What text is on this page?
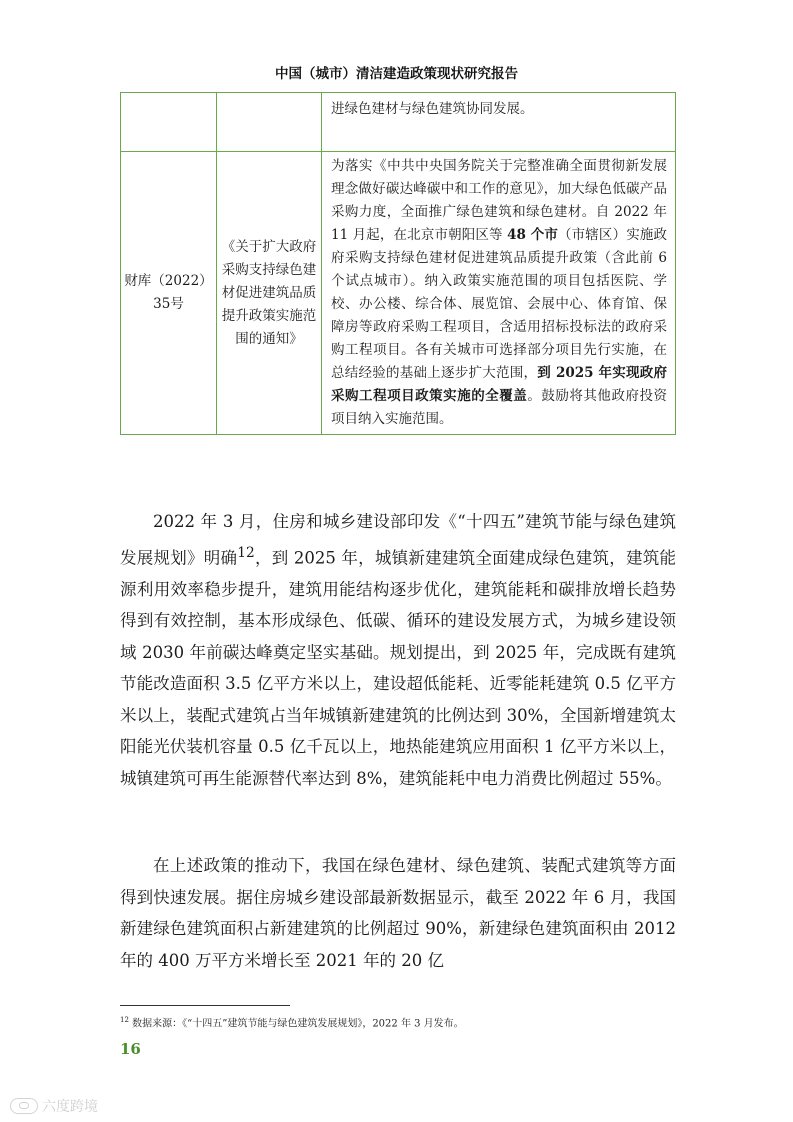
中国（城市）清洁建造政策现状研究报告
		进绿色建材与绿色建筑协同发展。
财库（2022）35号	《关于扩大政府采购支持绿色建材促进建筑品质提升政策实施范围的通知》	为落实《中共中央国务院关于完整准确全面贯彻新发展理念做好碳达峰碳中和工作的意见》，加大绿色低碳产品采购力度，全面推广绿色建筑和绿色建材。自 2022 年 11 月起，在北京市朝阳区等 48 个市（市辖区）实施政府采购支持绿色建材促进建筑品质提升政策（含此前 6 个试点城市）。纳入政策实施范围的项目包括医院、学校、办公楼、综合体、展览馆、会展中心、体育馆、保障房等政府采购工程项目，含适用招标投标法的政府采购工程项目。各有关城市可选择部分项目先行实施，在总结经验的基础上逐步扩大范围，到 2025 年实现政府采购工程项目政策实施的全覆盖。鼓励将其他政府投资项目纳入实施范围。

2022 年 3 月，住房和城乡建设部印发《“十四五”建筑节能与绿色建筑发展规划》明确$^{12}$，到 2025 年，城镇新建建筑全面建成绿色建筑，建筑能源利用效率稳步提升，建筑用能结构逐步优化，建筑能耗和碳排放增长趋势得到有效控制，基本形成绿色、低碳、循环的建设发展方式，为城乡建设领域 2030 年前碳达峰奠定坚实基础。规划提出，到 2025 年，完成既有建筑节能改造面积 3.5 亿平方米以上，建设超低能耗、近零能耗建筑 0.5 亿平方米以上，装配式建筑占当年城镇新建建筑的比例达到 30%，全国新增建筑太阳能光伏装机容量 0.5 亿千瓦以上，地热能建筑应用面积 1 亿平方米以上，城镇建筑可再生能源替代率达到 8%，建筑能耗中电力消费比例超过 55%。

在上述政策的推动下，我国在绿色建材、绿色建筑、装配式建筑等方面得到快速发展。据住房城乡建设部最新数据显示，截至 2022 年 6 月，我国新建绿色建筑面积占新建建筑的比例超过 90%，新建绿色建筑面积由 2012 年的 400 万平方米增长至 2021 年的 20 亿

$^{12}$ 数据来源：《“十四五”建筑节能与绿色建筑发展规划》，2022 年 3 月发布。
16
六度跨境
